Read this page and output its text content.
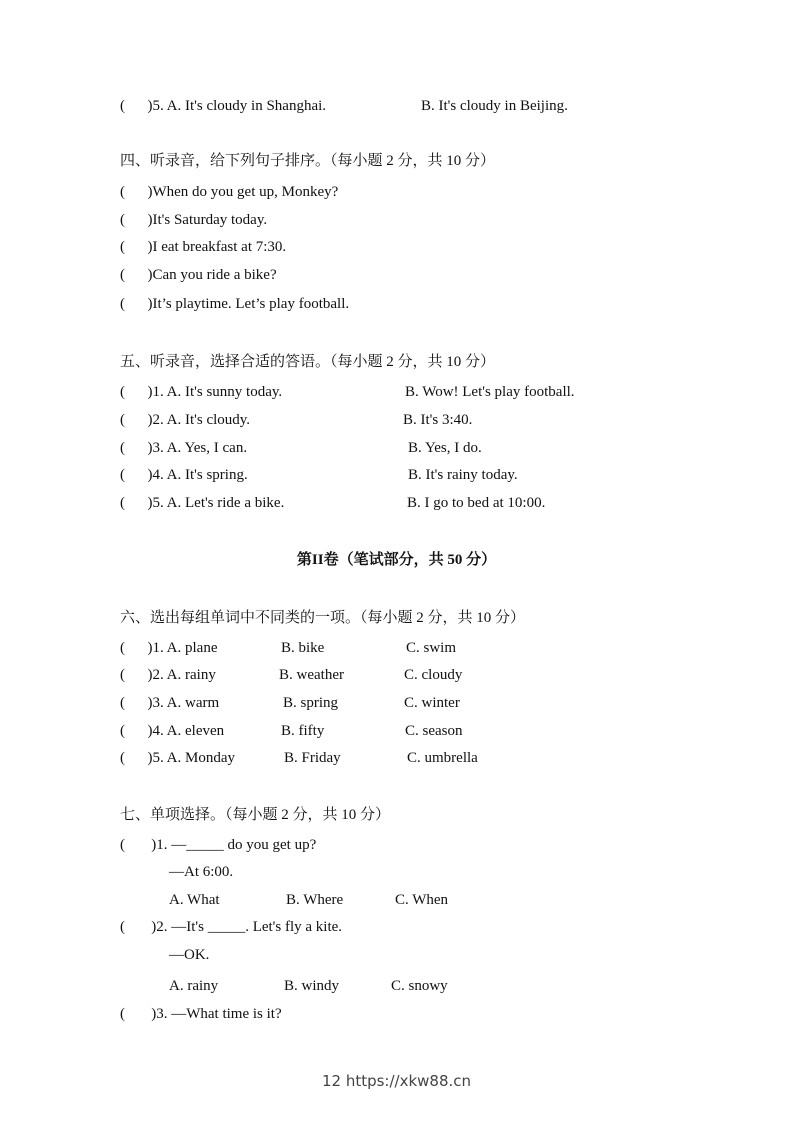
(      )5. A. It's cloudy in Shanghai.	B. It's cloudy in Beijing.
四、听录音，给下列句子排序。（每小题 2 分，共 10 分）
(      )When do you get up, Monkey?
(      )It's Saturday today.
(      )I eat breakfast at 7:30.
(      )Can you ride a bike?
(      )It’s playtime. Let’s play football.
五、听录音，选择合适的答语。（每小题 2 分，共 10 分）
(      )1. A. It's sunny today.	B. Wow! Let's play football.
(      )2. A. It's cloudy.	B. It's 3:40.
(      )3. A. Yes, I can.	B. Yes, I do.
(      )4. A. It's spring.	B. It's rainy today.
(      )5. A. Let's ride a bike.	B. I go to bed at 10:00.
第II卷（笔试部分，共 50 分）
六、选出每组单词中不同类的一项。（每小题 2 分，共 10 分）
(      )1. A. plane	B. bike	C. swim
(      )2. A. rainy	B. weather	C. cloudy
(      )3. A. warm	B. spring	C. winter
(      )4. A. eleven	B. fifty	C. season
(      )5. A. Monday	B. Friday	C. umbrella
七、单项选择。（每小题 2 分，共 10 分）
(       )1. —_____ do you get up?
—At 6:00.
A. What	B. Where	C. When
(       )2. —It's _____. Let's fly a kite.
—OK.
A. rainy	B. windy	C. snowy
(       )3. —What time is it?
12 https://xkw88.cn
